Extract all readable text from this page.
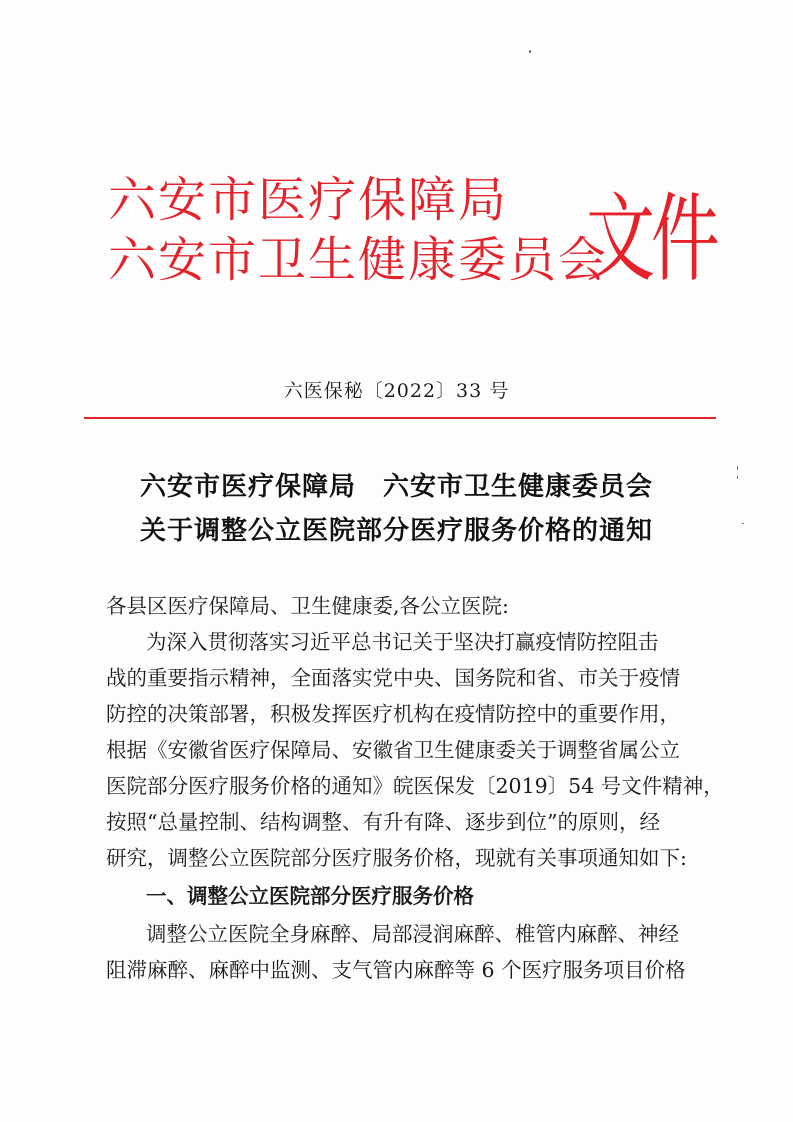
六安市医疗保障局
六安市卫生健康委员会
文件
六医保秘〔2022〕33 号
六安市医疗保障局　六安市卫生健康委员会
关于调整公立医院部分医疗服务价格的通知
各县区医疗保障局、卫生健康委,各公立医院:
为深入贯彻落实习近平总书记关于坚决打赢疫情防控阻击
战的重要指示精神，全面落实党中央、国务院和省、市关于疫情
防控的决策部署，积极发挥医疗机构在疫情防控中的重要作用，
根据《安徽省医疗保障局、安徽省卫生健康委关于调整省属公立
医院部分医疗服务价格的通知》皖医保发〔2019〕54 号文件精神，
按照“总量控制、结构调整、有升有降、逐步到位”的原则，经
研究，调整公立医院部分医疗服务价格，现就有关事项通知如下:
一、调整公立医院部分医疗服务价格
调整公立医院全身麻醉、局部浸润麻醉、椎管内麻醉、神经
阻滞麻醉、麻醉中监测、支气管内麻醉等 6 个医疗服务项目价格
